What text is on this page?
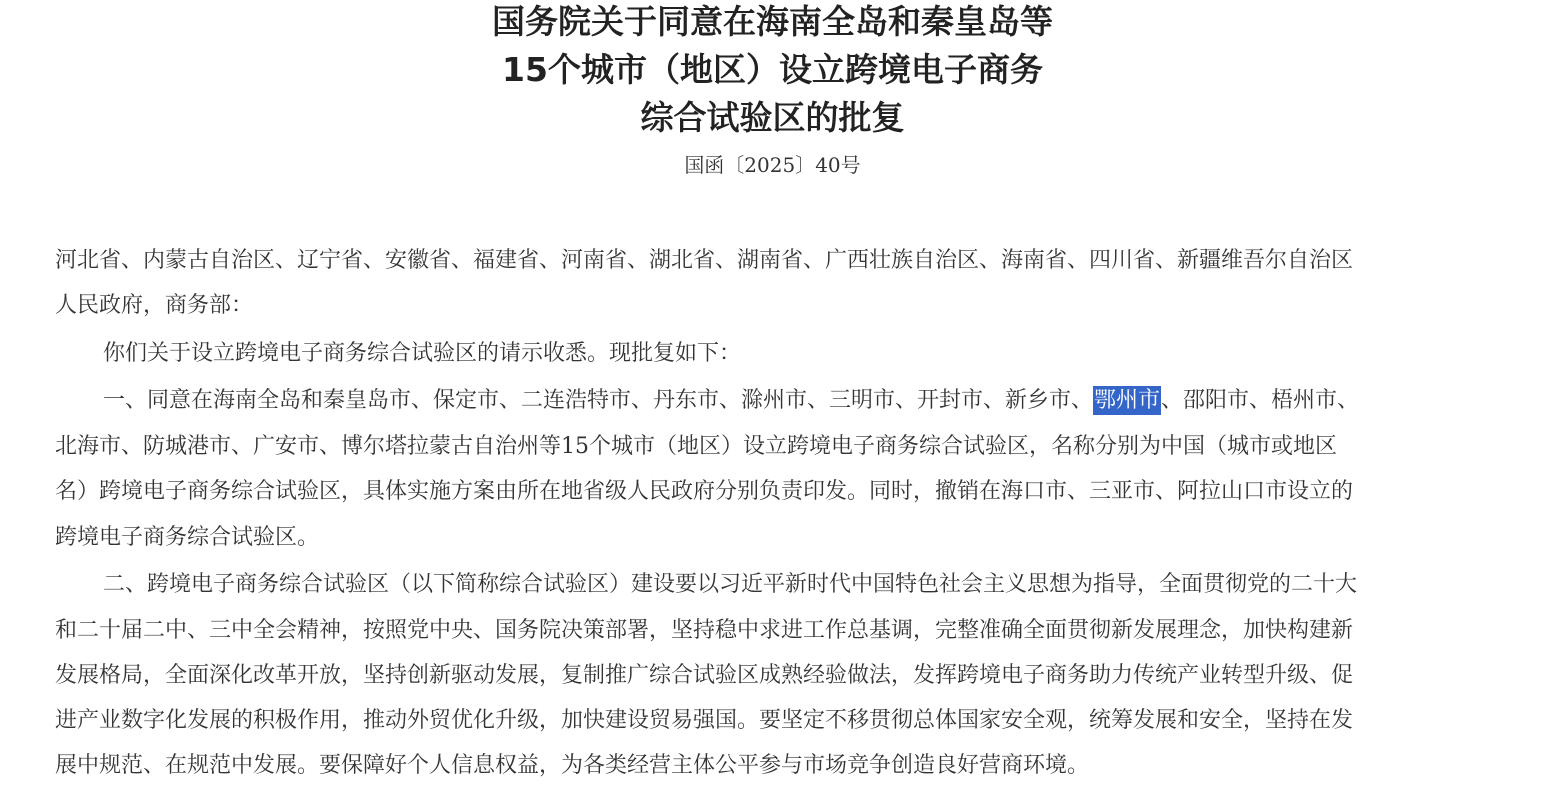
国务院关于同意在海南全岛和秦皇岛等
15个城市（地区）设立跨境电子商务
综合试验区的批复
国函〔2025〕40号
河北省、内蒙古自治区、辽宁省、安徽省、福建省、河南省、湖北省、湖南省、广西壮族自治区、海南省、四川省、新疆维吾尔自治区
人民政府，商务部：
你们关于设立跨境电子商务综合试验区的请示收悉。现批复如下：
一、同意在海南全岛和秦皇岛市、保定市、二连浩特市、丹东市、滁州市、三明市、开封市、新乡市、鄂州市、邵阳市、梧州市、
北海市、防城港市、广安市、博尔塔拉蒙古自治州等15个城市（地区）设立跨境电子商务综合试验区，名称分别为中国（城市或地区
名）跨境电子商务综合试验区，具体实施方案由所在地省级人民政府分别负责印发。同时，撤销在海口市、三亚市、阿拉山口市设立的
跨境电子商务综合试验区。
二、跨境电子商务综合试验区（以下简称综合试验区）建设要以习近平新时代中国特色社会主义思想为指导，全面贯彻党的二十大
和二十届二中、三中全会精神，按照党中央、国务院决策部署，坚持稳中求进工作总基调，完整准确全面贯彻新发展理念，加快构建新
发展格局，全面深化改革开放，坚持创新驱动发展，复制推广综合试验区成熟经验做法，发挥跨境电子商务助力传统产业转型升级、促
进产业数字化发展的积极作用，推动外贸优化升级，加快建设贸易强国。要坚定不移贯彻总体国家安全观，统筹发展和安全，坚持在发
展中规范、在规范中发展。要保障好个人信息权益，为各类经营主体公平参与市场竞争创造良好营商环境。
